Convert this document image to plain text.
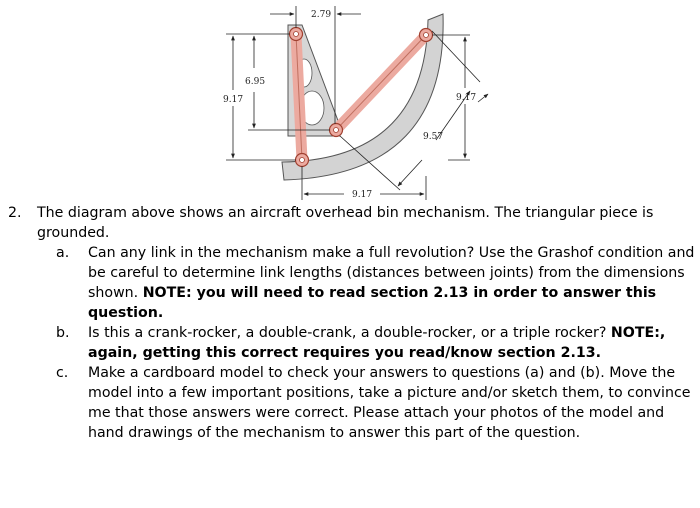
2.79
6.95
9.17	9.17
9.57
9.17
2.	The diagram above shows an aircraft overhead bin mechanism. The triangular piece is grounded.
a.	Can any link in the mechanism make a full revolution? Use the Grashof condition and be careful to determine link lengths (distances between joints) from the dimensions shown. NOTE: you will need to read section 2.13 in order to answer this question.
b.	Is this a crank-rocker, a double-crank, a double-rocker, or a triple rocker? NOTE:, again, getting this correct requires you read/know section 2.13.
c.	Make a cardboard model to check your answers to questions (a) and (b). Move the model into a few important positions, take a picture and/or sketch them, to convince me that those answers were correct. Please attach your photos of the model and hand drawings of the mechanism to answer this part of the question.
